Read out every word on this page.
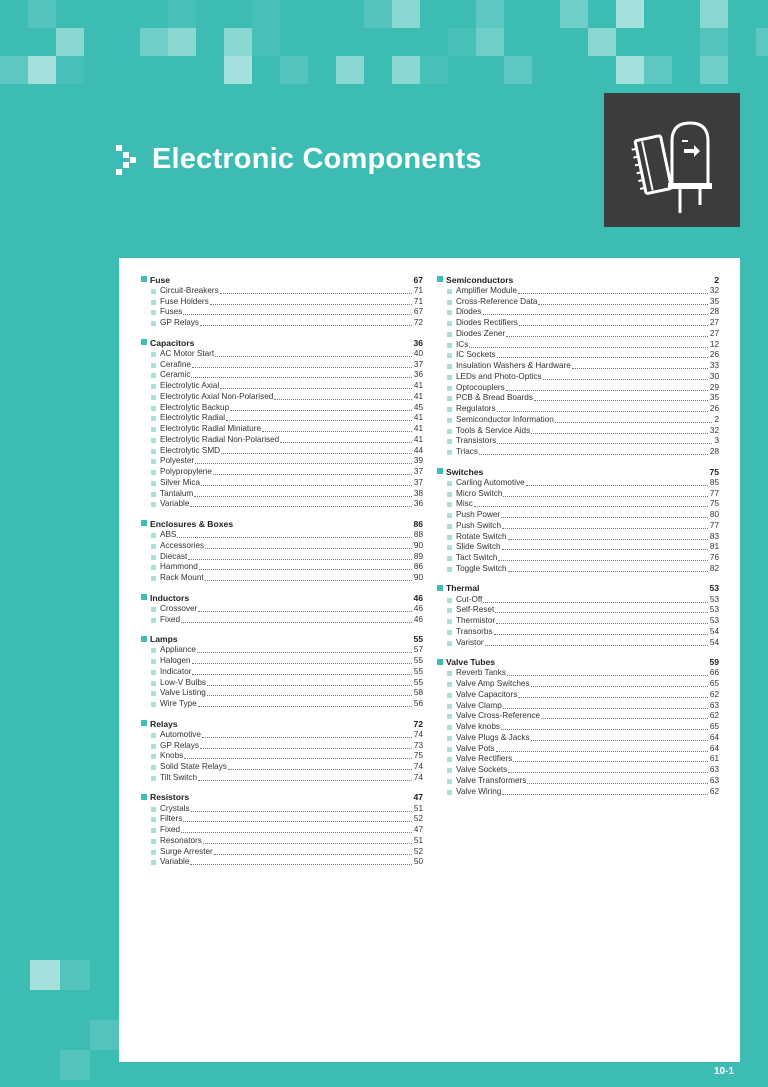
Electronic Components
Fuse	67
Circuit-Breakers	71
Fuse Holders	71
Fuses	67
GP Relays	72
Capacitors	36
AC Motor Start	40
Cerafine	37
Ceramic	36
Electrolytic Axial	41
Electrolytic Axial Non-Polarised	41
Electrolytic Backup	45
Electrolytic Radial	41
Electrolytic Radial Miniature	41
Electrolytic Radial Non-Polarised	41
Electrolytic SMD	44
Polyester	39
Polypropylene	37
Silver Mica	37
Tantalum	38
Variable	36
Enclosures & Boxes	86
ABS	88
Accessories	90
Diecast	89
Hammond	86
Rack Mount	90
Inductors	46
Crossover	46
Fixed	46
Lamps	55
Appliance	57
Halogen	55
Indicator	55
Low-V Bulbs	55
Valve Listing	58
Wire Type	56
Relays	72
Automotive	74
GP Relays	73
Knobs	75
Solid State Relays	74
Tilt Switch	74
Resistors	47
Crystals	51
Filters	52
Fixed	47
Resonators	51
Surge Arrester	52
Variable	50
Semiconductors	2
Amplifier Module	32
Cross-Reference Data	35
Diodes	28
Diodes Rectifiers	27
Diodes Zener	27
ICs	12
IC Sockets	26
Insulation Washers & Hardware	33
LEDs and Photo-Optics	30
Optocouplers	29
PCB & Bread Boards	35
Regulators	26
Semiconductor Information	2
Tools & Service Aids	32
Transistors	3
Triacs	28
Switches	75
Carling Automotive	85
Micro Switch	77
Misc	75
Push Power	80
Push Switch	77
Rotate Switch	83
Slide Switch	81
Tact Switch	76
Toggle Switch	82
Thermal	53
Cut-Off	53
Self-Reset	53
Thermistor	53
Transorbs	54
Varistor	54
Valve Tubes	59
Reverb Tanks	66
Valve Amp Switches	65
Valve Capacitors	62
Valve Clamp	63
Valve Cross-Reference	62
Valve knobs	65
Valve Plugs & Jacks	64
Valve Pots	64
Valve Rectifiers	61
Valve Sockets	63
Valve Transformers	63
Valve Wiring	62
10-1
